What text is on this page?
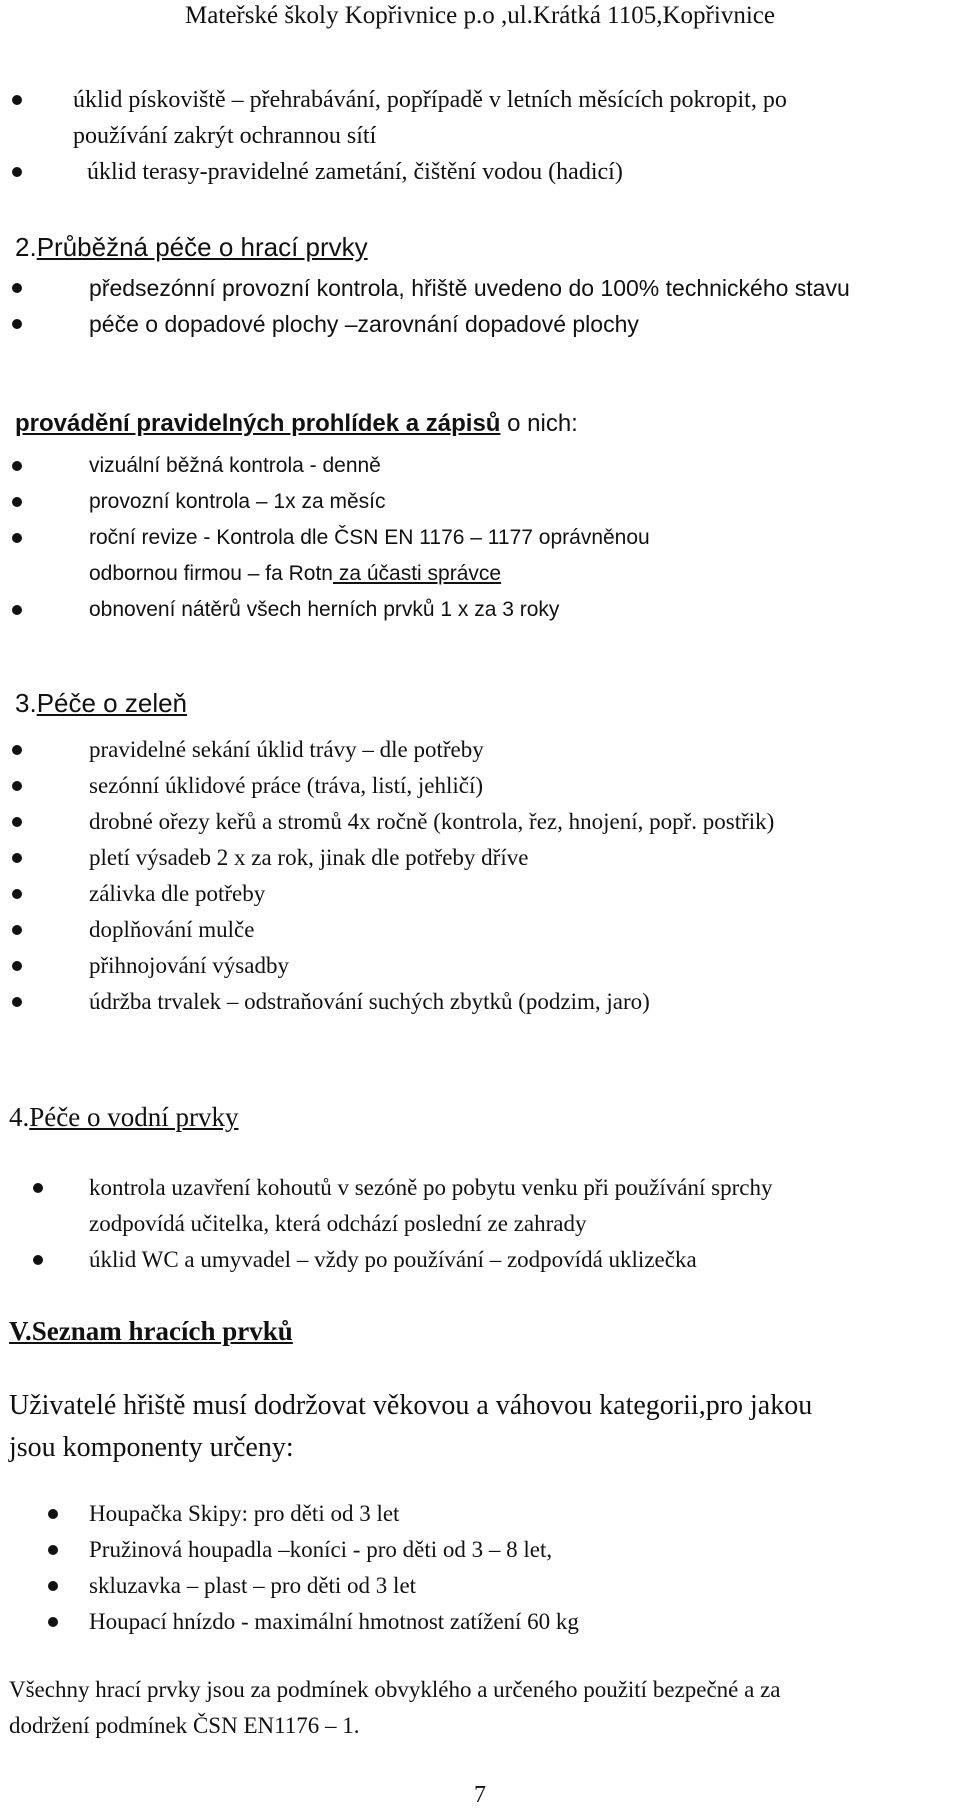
Mateřské školy Kopřivnice p.o ,ul.Krátká 1105,Kopřivnice
úklid pískoviště – přehrabávání, popřípadě v letních měsících pokropit, po
používání zakrýt ochrannou sítí
úklid terasy-pravidelné zametání, čištění vodou (hadicí)
2.Průběžná péče o hrací prvky
předsezónní provozní kontrola, hřiště uvedeno do 100% technického stavu
péče o dopadové plochy –zarovnání dopadové plochy
provádění pravidelných prohlídek a zápisů o nich:
vizuální běžná kontrola - denně
provozní kontrola – 1x za měsíc
roční revize - Kontrola dle ČSN EN 1176 – 1177 oprávněnou
odbornou firmou – fa Rotn za účasti správce
obnovení nátěrů všech herních prvků 1 x za 3 roky
3.Péče o zeleň
pravidelné sekání úklid trávy – dle potřeby
sezónní úklidové práce (tráva, listí, jehličí)
drobné ořezy keřů a stromů 4x ročně (kontrola, řez, hnojení, popř. postřik)
pletí výsadeb 2 x za rok, jinak dle potřeby dříve
zálivka dle potřeby
doplňování mulče
přihnojování výsadby
údržba trvalek – odstraňování suchých zbytků (podzim, jaro)
4.Péče o vodní prvky
kontrola uzavření kohoutů v sezóně po pobytu venku při používání sprchy
zodpovídá učitelka, která odchází poslední ze zahrady
úklid WC a umyvadel – vždy po používání – zodpovídá uklizečka
V.Seznam hracích prvků
Uživatelé hřiště musí dodržovat věkovou a váhovou kategorii,pro jakou
jsou komponenty určeny:
Houpačka Skipy: pro děti od 3 let
Pružinová houpadla –koníci - pro děti od 3 – 8 let,
skluzavka – plast – pro děti od 3 let
Houpací hnízdo - maximální hmotnost zatížení 60 kg
Všechny hrací prvky jsou za podmínek obvyklého a určeného použití bezpečné a za
dodržení podmínek ČSN EN1176 – 1.
7
